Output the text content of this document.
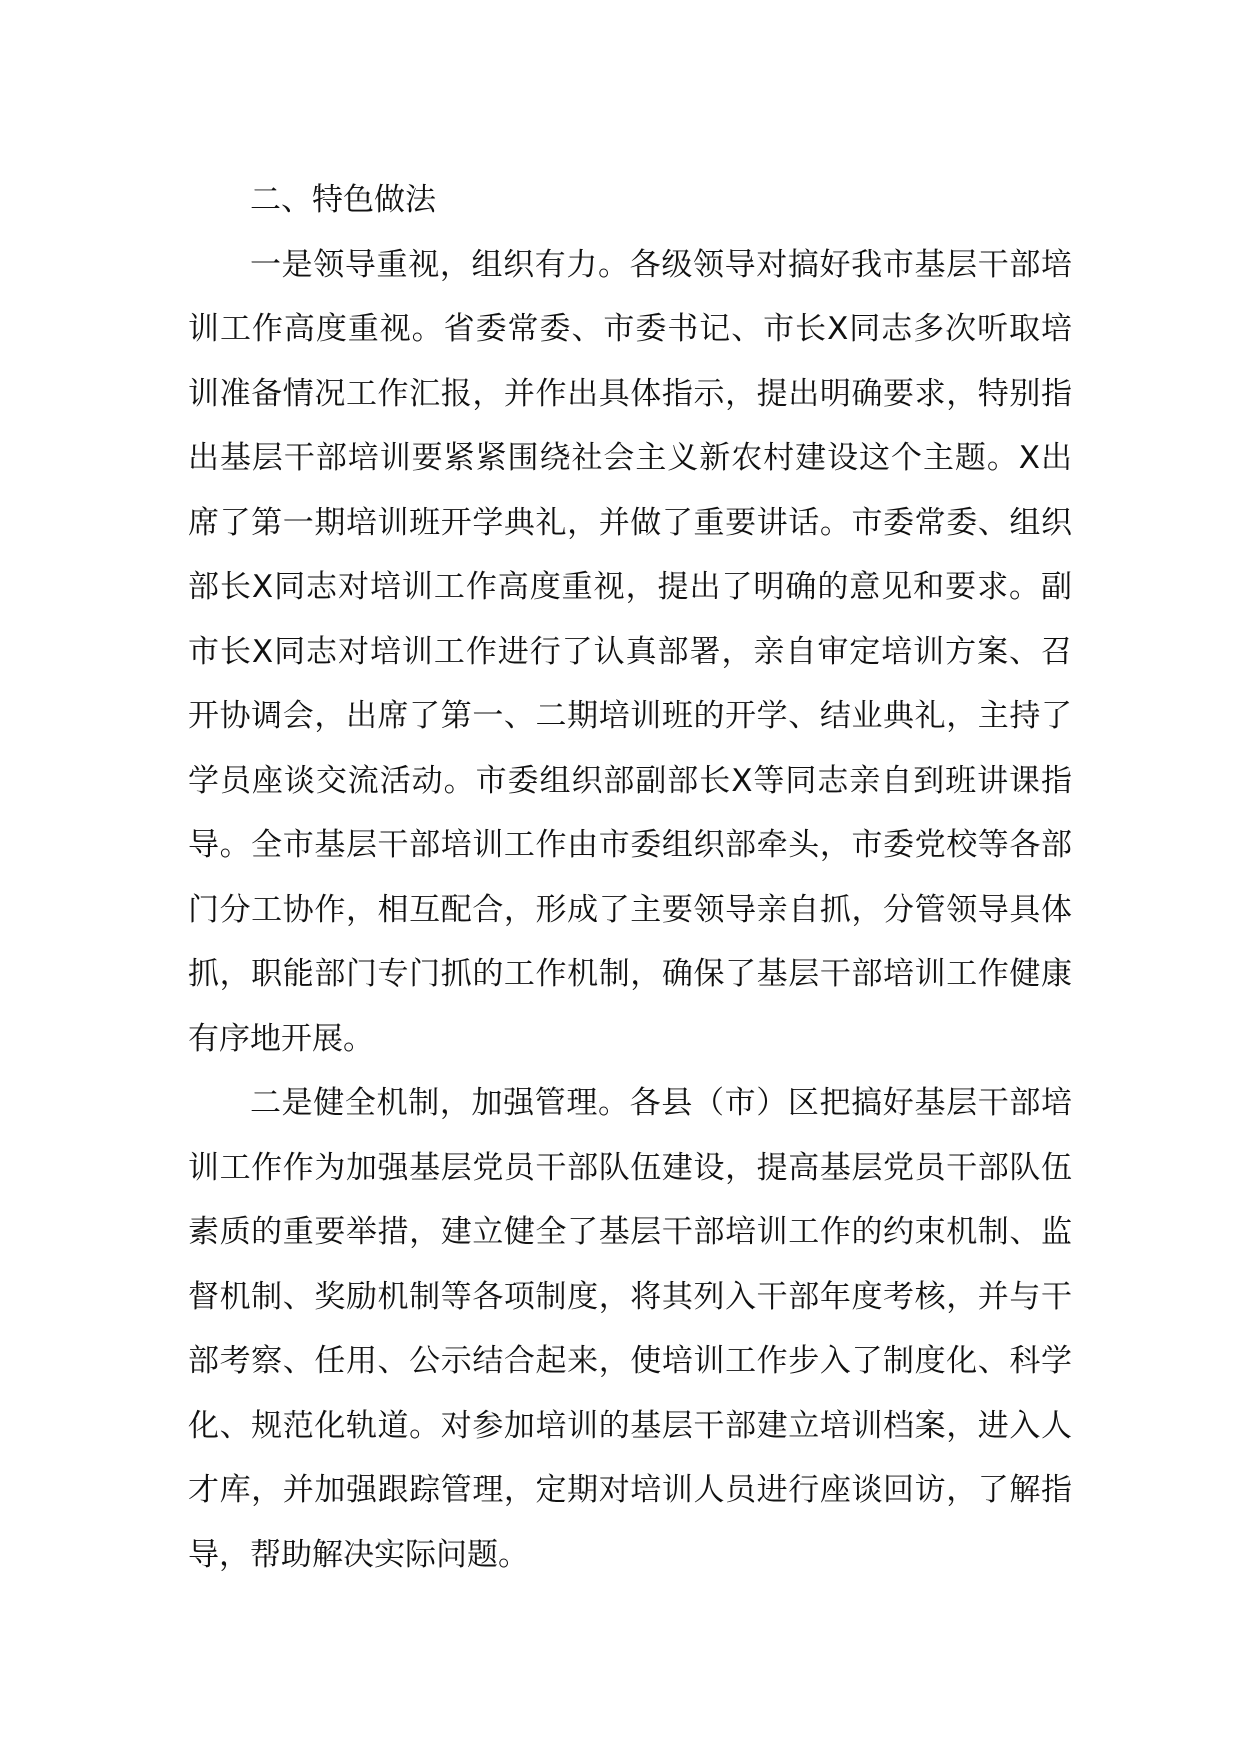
二、特色做法

一是领导重视，组织有力。各级领导对搞好我市基层干部培训工作高度重视。省委常委、市委书记、市长X同志多次听取培训准备情况工作汇报，并作出具体指示，提出明确要求，特别指出基层干部培训要紧紧围绕社会主义新农村建设这个主题。X出席了第一期培训班开学典礼，并做了重要讲话。市委常委、组织部长X同志对培训工作高度重视，提出了明确的意见和要求。副市长X同志对培训工作进行了认真部署，亲自审定培训方案、召开协调会，出席了第一、二期培训班的开学、结业典礼，主持了学员座谈交流活动。市委组织部副部长X等同志亲自到班讲课指导。全市基层干部培训工作由市委组织部牵头，市委党校等各部门分工协作，相互配合，形成了主要领导亲自抓，分管领导具体抓，职能部门专门抓的工作机制，确保了基层干部培训工作健康有序地开展。

二是健全机制，加强管理。各县（市）区把搞好基层干部培训工作作为加强基层党员干部队伍建设，提高基层党员干部队伍素质的重要举措，建立健全了基层干部培训工作的约束机制、监督机制、奖励机制等各项制度，将其列入干部年度考核，并与干部考察、任用、公示结合起来，使培训工作步入了制度化、科学化、规范化轨道。对参加培训的基层干部建立培训档案，进入人才库，并加强跟踪管理，定期对培训人员进行座谈回访，了解指导，帮助解决实际问题。
